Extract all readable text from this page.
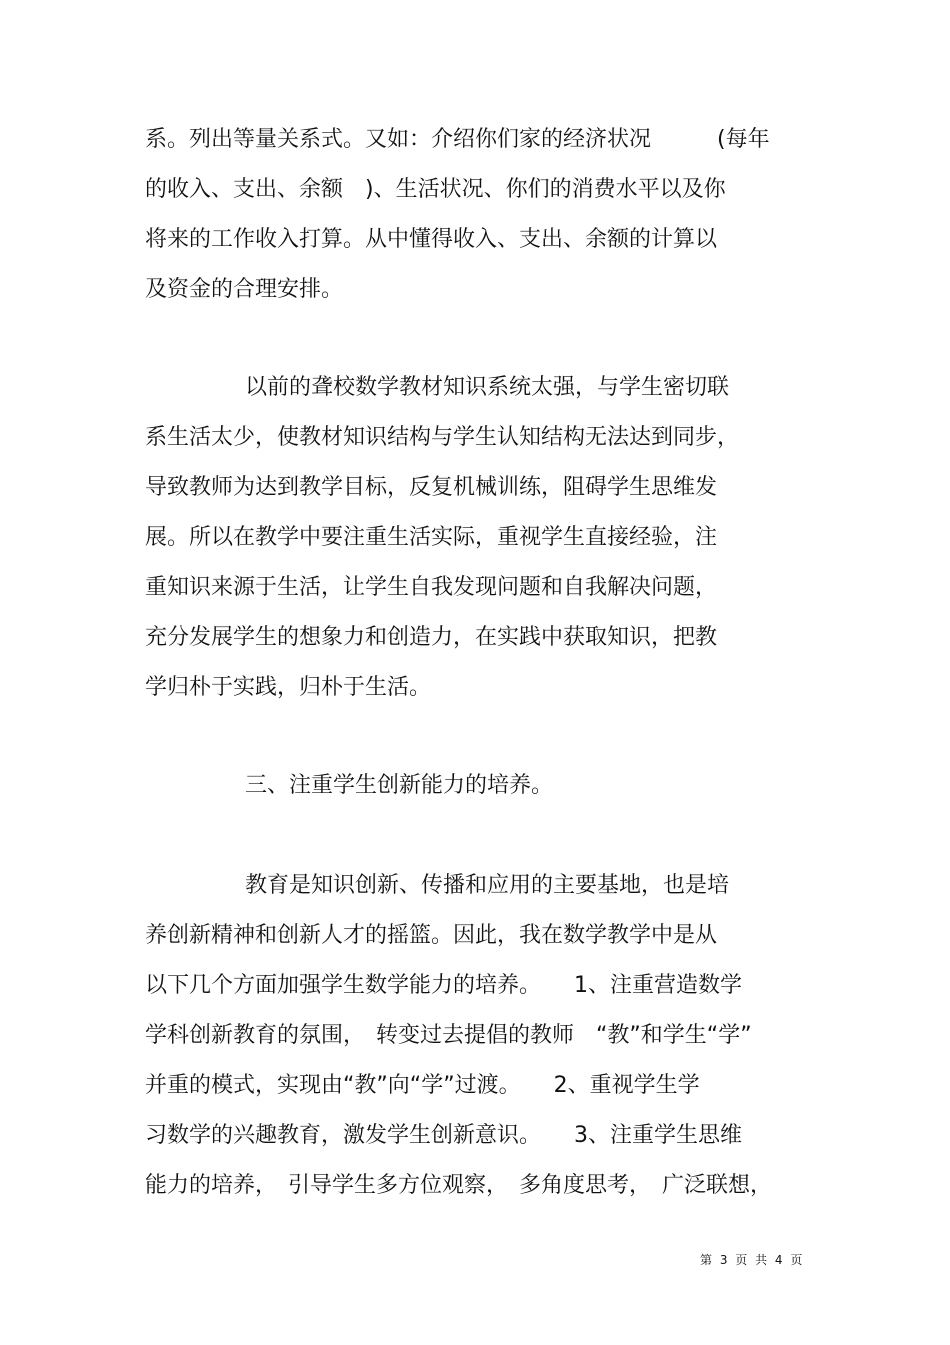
系。列出等量关系式。又如：介绍你们家的经济状况　　　(每年

的收入、支出、余额　)、生活状况、你们的消费水平以及你

将来的工作收入打算。从中懂得收入、支出、余额的计算以

及资金的合理安排。

以前的聋校数学教材知识系统太强，与学生密切联

系生活太少，使教材知识结构与学生认知结构无法达到同步，

导致教师为达到教学目标，反复机械训练，阻碍学生思维发

展。所以在教学中要注重生活实际，重视学生直接经验，注

重知识来源于生活，让学生自我发现问题和自我解决问题，

充分发展学生的想象力和创造力，在实践中获取知识，把教

学归朴于实践，归朴于生活。

三、注重学生创新能力的培养。

教育是知识创新、传播和应用的主要基地，也是培

养创新精神和创新人才的摇篮。因此，我在数学教学中是从

以下几个方面加强学生数学能力的培养。　　1、注重营造数学

学科创新教育的氛围，　转变过去提倡的教师　“教”和学生“学”

并重的模式，实现由“教”向“学”过渡。　　2、重视学生学

习数学的兴趣教育，激发学生创新意识。　　3、注重学生思维

能力的培养，　引导学生多方位观察，　多角度思考，　广泛联想，

第 3 页 共 4 页
